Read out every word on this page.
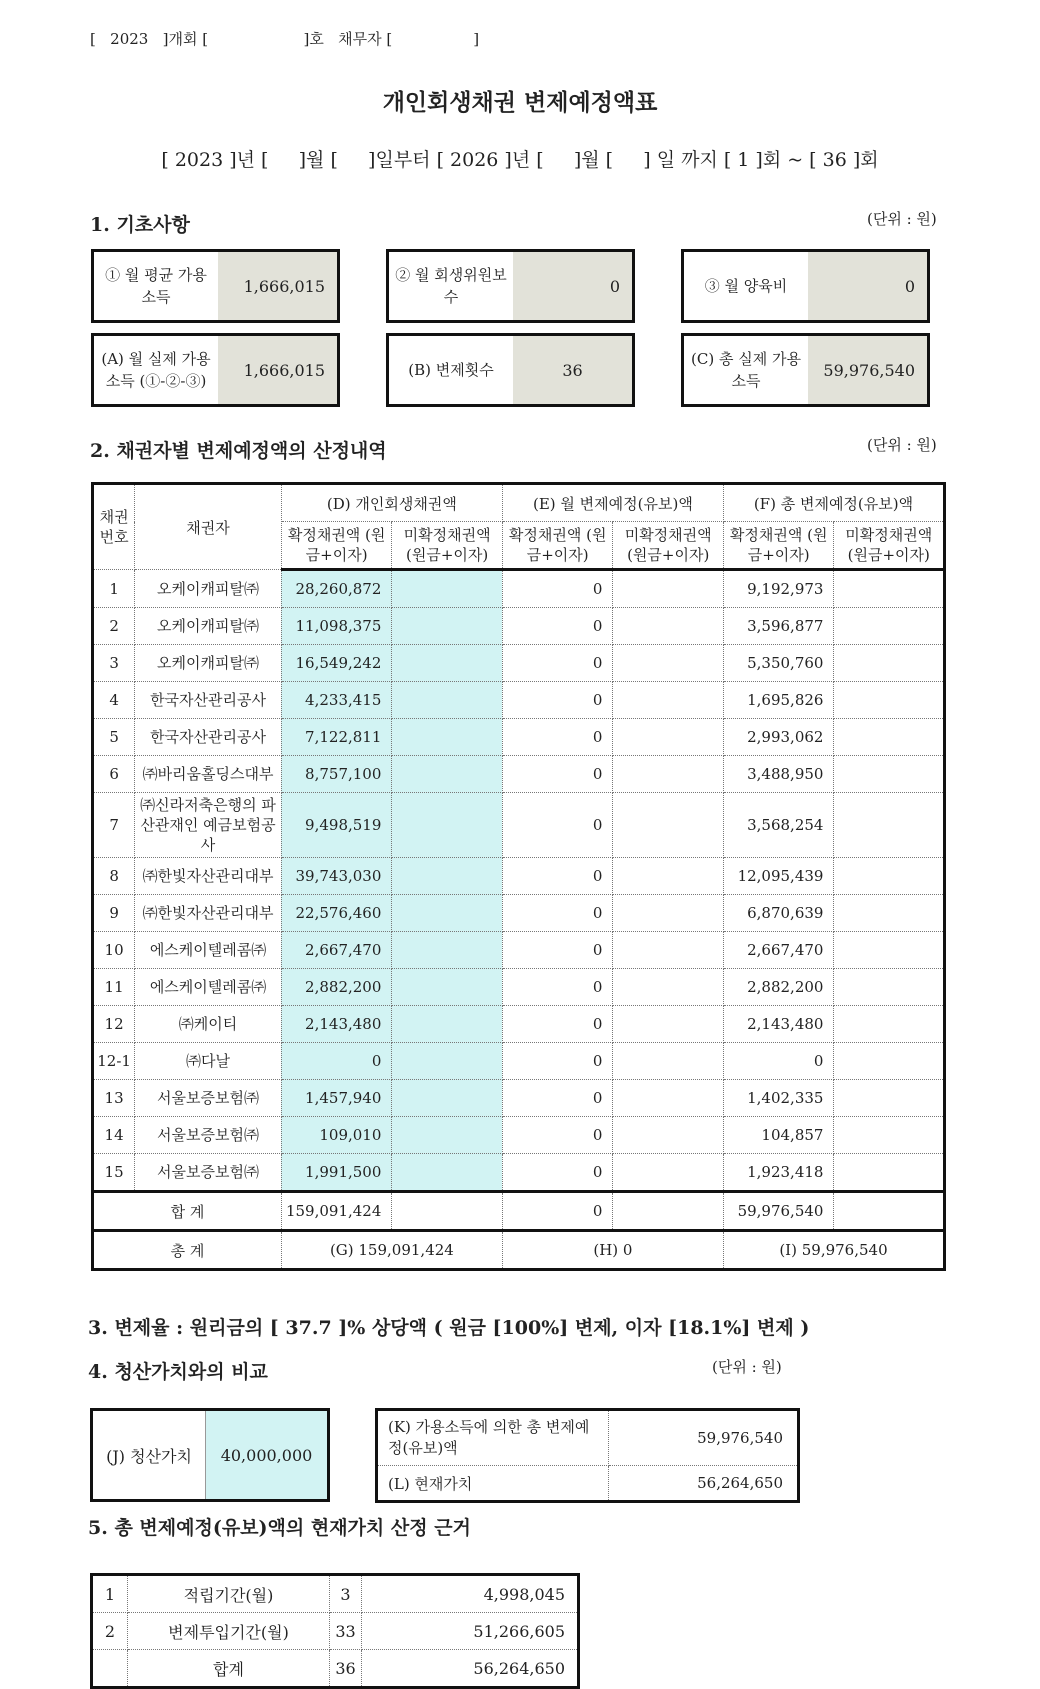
[   2023 ]개회 [	]호 채무자 [	]
개인회생채권 변제예정액표
[ 2023 ]년 [     ]월 [     ]일부터 [ 2026 ]년 [     ]월 [     ] 일 까지 [ 1 ]회 ~ [ 36 ]회
1. 기초사항	(단위 : 원)
① 월 평균 가용소득
1,666,015
② 월 회생위원보수
0	③ 월 양육비	0
(A) 월 실제 가용소득 (①-②-③)
1,666,015	(B) 변제횟수	36
(C) 총 실제 가용소득
59,976,540
2. 채권자별 변제예정액의 산정내역	(단위 : 원)
채권 번호	채권자	(D) 개인회생채권액		(E) 월 변제예정(유보)액		(F) 총 변제예정(유보)액	
		확정채권액 (원금+이자)	미확정채권액 (원금+이자)	확정채권액 (원금+이자)	미확정채권액 (원금+이자)	확정채권액 (원금+이자)	미확정채권액 (원금+이자)
1	오케이캐피탈㈜	28,260,872		0		9,192,973	
2	오케이캐피탈㈜	11,098,375		0		3,596,877	
3	오케이캐피탈㈜	16,549,242		0		5,350,760	
4	한국자산관리공사	4,233,415		0		1,695,826	
5	한국자산관리공사	7,122,811		0		2,993,062	
6	㈜바리움홀딩스대부	8,757,100		0		3,488,950	
7	㈜신라저축은행의 파산관재인 예금보험공사	9,498,519		0		3,568,254	
8	㈜한빛자산관리대부	39,743,030		0		12,095,439	
9	㈜한빛자산관리대부	22,576,460		0		6,870,639	
10	에스케이텔레콤㈜	2,667,470		0		2,667,470	
11	에스케이텔레콤㈜	2,882,200		0		2,882,200	
12	㈜케이티	2,143,480		0		2,143,480	
12-1	㈜다날	0		0		0	
13	서울보증보험㈜	1,457,940		0		1,402,335	
14	서울보증보험㈜	109,010		0		104,857	
15	서울보증보험㈜	1,991,500		0		1,923,418	
합 계		159,091,424		0		59,976,540	
총 계		(G) 159,091,424		(H) 0		(I) 59,976,540	
3. 변제율 : 원리금의 [ 37.7 ]% 상당액 ( 원금 [100%] 변제, 이자 [18.1%] 변제 )
4. 청산가치와의 비교	(단위 : 원)
(J) 청산가치	40,000,000
(K) 가용소득에 의한 총 변제예정(유보)액	59,976,540
(L) 현재가치	56,264,650
5. 총 변제예정(유보)액의 현재가치 산정 근거
1	적립기간(월)	3	4,998,045
2	변제투입기간(월)	33	51,266,605
	합계	36	56,264,650
